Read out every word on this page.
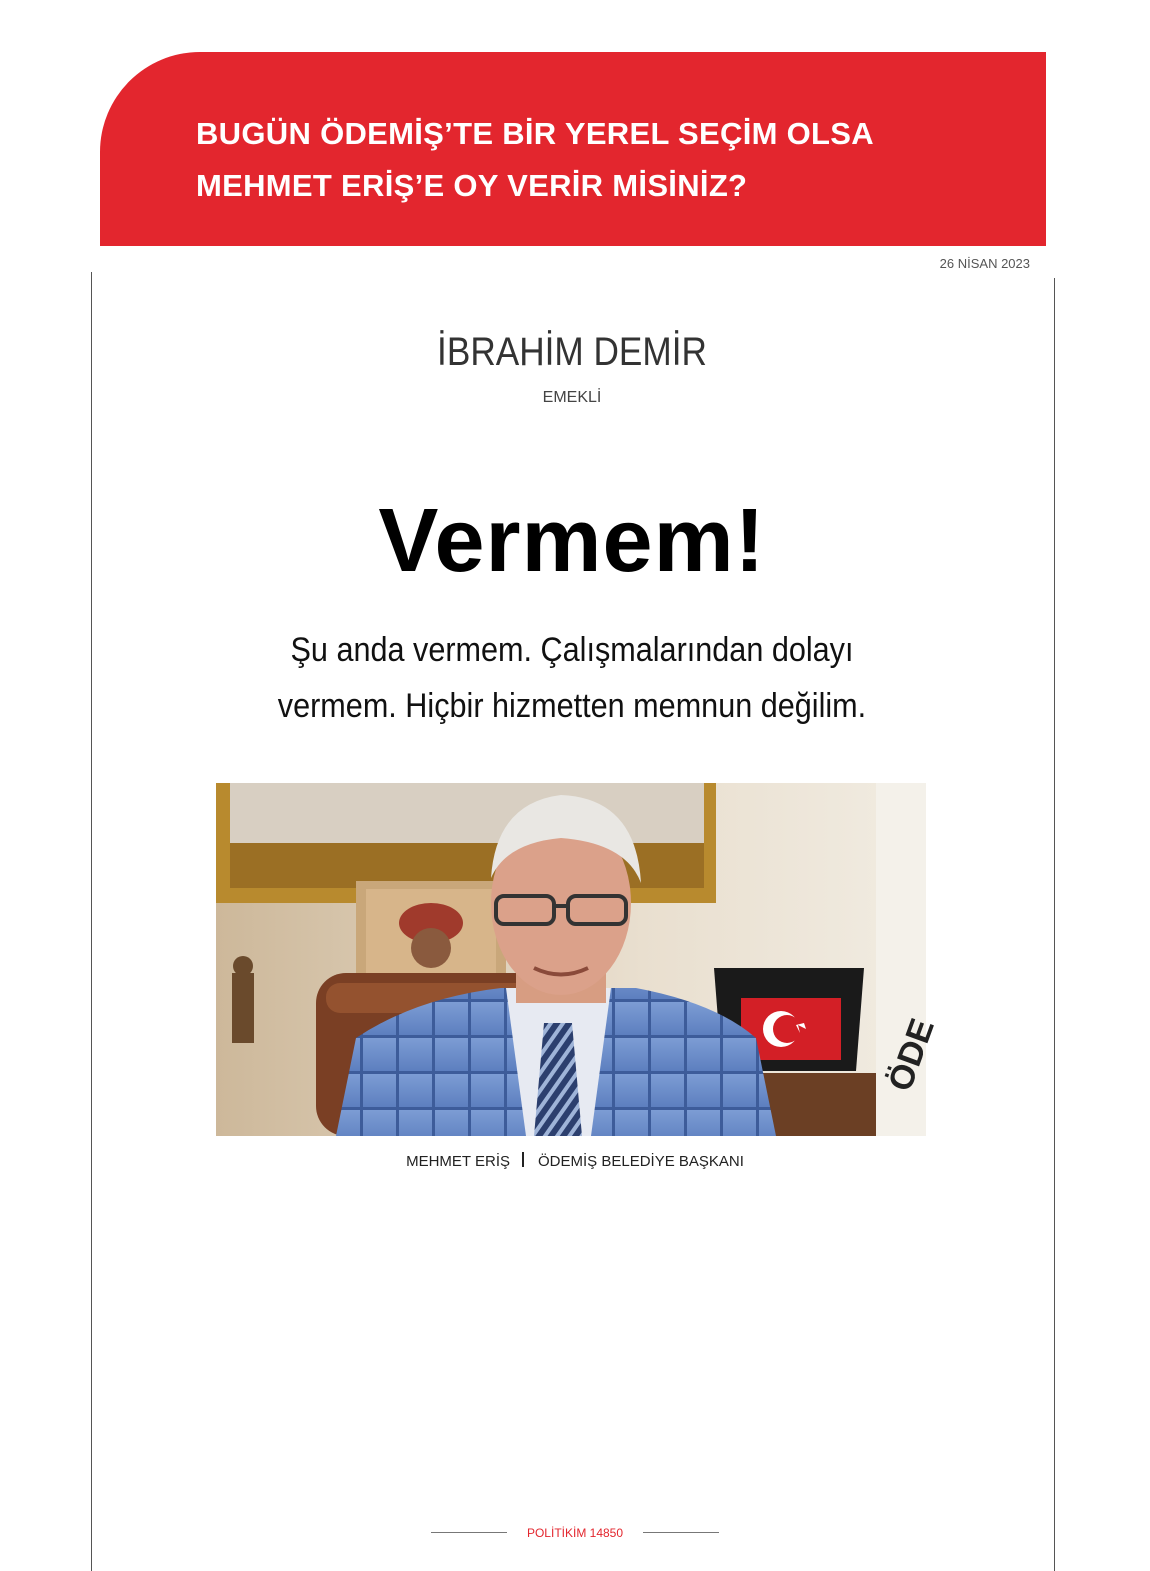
BUGÜN ÖDEMİŞ’TE BİR YEREL SEÇİM OLSA
MEHMET ERİŞ’E OY VERİR MİSİNİZ?
26 NİSAN 2023
İBRAHİM DEMİR
EMEKLİ
Vermem!
Şu anda vermem. Çalışmalarından dolayı
vermem. Hiçbir hizmetten memnun değilim.
ÖDE
MEHMET ERİŞ ÖDEMİŞ BELEDİYE BAŞKANI
POLİTİKİM 14850
